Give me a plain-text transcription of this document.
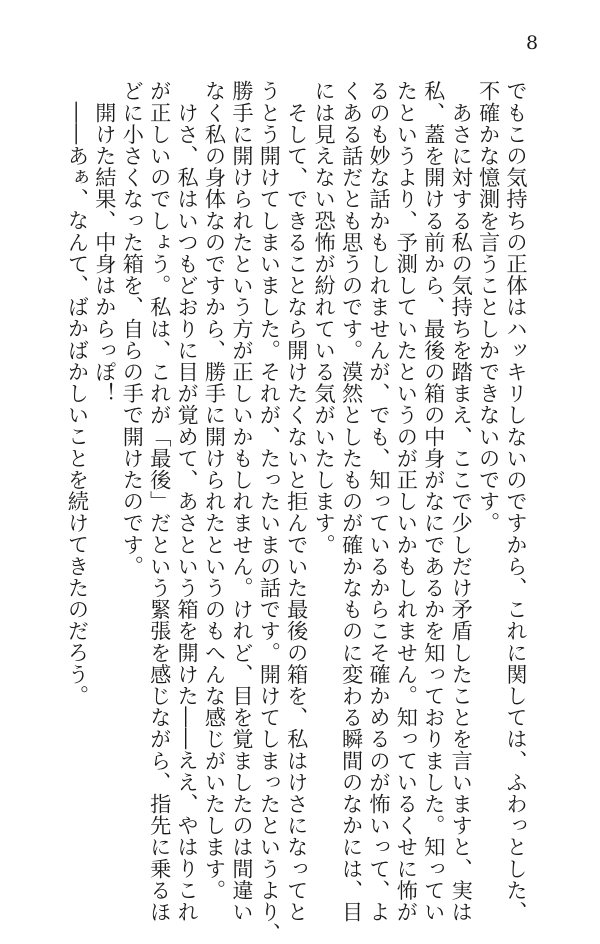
8
でもこの気持ちの正体はハッキリしないのですから、これに関しては、ふわっとした、
不確かな憶測を言うことしかできないのです。
　あさに対する私の気持ちを踏まえ、ここで少しだけ矛盾したことを言いますと、実は
私、蓋を開ける前から、最後の箱の中身がなにであるかを知っておりました。知ってい
たというより、予測していたというのが正しいかもしれません。知っているくせに怖が
るのも妙な話かもしれませんが、でも、知っているからこそ確かめるのが怖いって、よ
くある話だとも思うのです。漠然としたものが確かなものに変わる瞬間のなかには、目
には見えない恐怖が紛れている気がいたします。
　そして、できることなら開けたくないと拒んでいた最後の箱を、私はけさになってと
うとう開けてしまいました。それが、たったいまの話です。開けてしまったというより、
勝手に開けられたという方が正しいかもしれません。けれど、目を覚ましたのは間違い
なく私の身体なのですから、勝手に開けられたというのもへんな感じがいたします。
　けさ、私はいつもどおりに目が覚めて、あさという箱を開けた――ええ、やはりこれ
が正しいのでしょう。私は、これが「最後」だという緊張を感じながら、指先に乗るほ
どに小さくなった箱を、自らの手で開けたのです。
　開けた結果、中身はからっぽ！
　――あぁ、なんて、ばかばかしいことを続けてきたのだろう。
